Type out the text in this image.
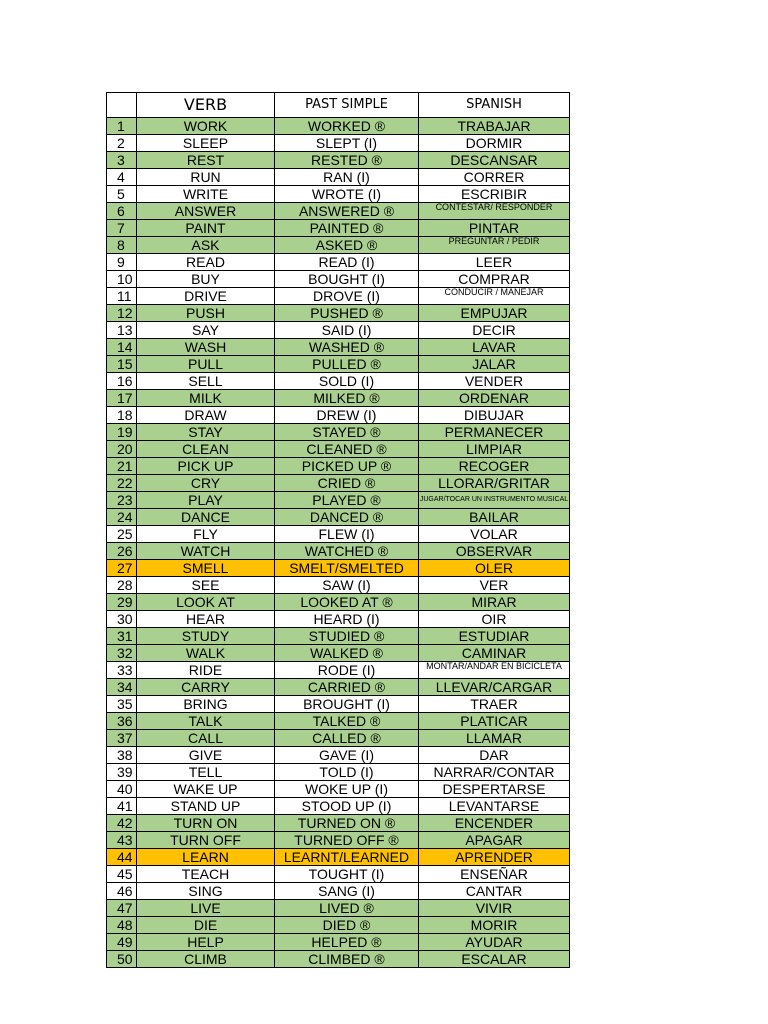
	VERB	PAST SIMPLE	SPANISH
1	WORK	WORKED ®	TRABAJAR
2	SLEEP	SLEPT (I)	DORMIR
3	REST	RESTED ®	DESCANSAR
4	RUN	RAN (I)	CORRER
5	WRITE	WROTE (I)	ESCRIBIR
6	ANSWER	ANSWERED ®	CONTESTAR/ RESPONDER
7	PAINT	PAINTED ®	PINTAR
8	ASK	ASKED ®	PREGUNTAR / PEDIR
9	READ	READ (I)	LEER
10	BUY	BOUGHT (I)	COMPRAR
11	DRIVE	DROVE (I)	CONDUCIR / MANEJAR
12	PUSH	PUSHED ®	EMPUJAR
13	SAY	SAID (I)	DECIR
14	WASH	WASHED ®	LAVAR
15	PULL	PULLED ®	JALAR
16	SELL	SOLD (I)	VENDER
17	MILK	MILKED ®	ORDENAR
18	DRAW	DREW (I)	DIBUJAR
19	STAY	STAYED ®	PERMANECER
20	CLEAN	CLEANED ®	LIMPIAR
21	PICK UP	PICKED UP ®	RECOGER
22	CRY	CRIED ®	LLORAR/GRITAR
23	PLAY	PLAYED ®	JUGAR/TOCAR UN INSTRUMENTO MUSICAL
24	DANCE	DANCED ®	BAILAR
25	FLY	FLEW (I)	VOLAR
26	WATCH	WATCHED ®	OBSERVAR
27	SMELL	SMELT/SMELTED	OLER
28	SEE	SAW (I)	VER
29	LOOK AT	LOOKED AT ®	MIRAR
30	HEAR	HEARD (I)	OIR
31	STUDY	STUDIED ®	ESTUDIAR
32	WALK	WALKED ®	CAMINAR
33	RIDE	RODE (I)	MONTAR/ANDAR EN BICICLETA
34	CARRY	CARRIED ®	LLEVAR/CARGAR
35	BRING	BROUGHT (I)	TRAER
36	TALK	TALKED ®	PLATICAR
37	CALL	CALLED ®	LLAMAR
38	GIVE	GAVE (I)	DAR
39	TELL	TOLD (I)	NARRAR/CONTAR
40	WAKE UP	WOKE UP (I)	DESPERTARSE
41	STAND UP	STOOD UP (I)	LEVANTARSE
42	TURN ON	TURNED ON ®	ENCENDER
43	TURN OFF	TURNED OFF ®	APAGAR
44	LEARN	LEARNT/LEARNED	APRENDER
45	TEACH	TOUGHT (I)	ENSEÑAR
46	SING	SANG (I)	CANTAR
47	LIVE	LIVED ®	VIVIR
48	DIE	DIED ®	MORIR
49	HELP	HELPED ®	AYUDAR
50	CLIMB	CLIMBED ®	ESCALAR
